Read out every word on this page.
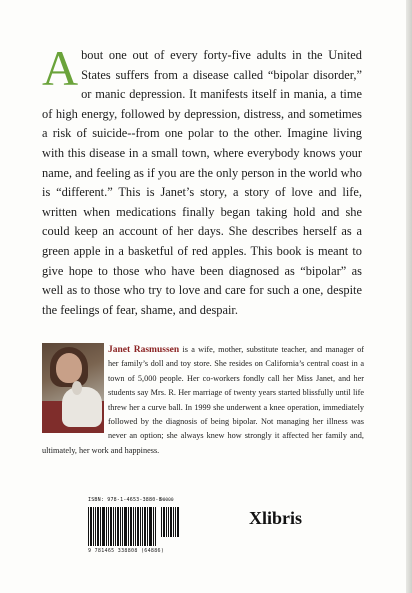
About one out of every forty-five adults in the United States suffers from a disease called “bipolar disorder,” or manic depression. It manifests itself in mania, a time of high energy, followed by depression, distress, and sometimes a risk of suicide--from one polar to the other. Imagine living with this disease in a small town, where everybody knows your name, and feeling as if you are the only person in the world who is “different.” This is Janet’s story, a story of love and life, written when medications finally began taking hold and she could keep an account of her days. She describes herself as a green apple in a basketful of red apples. This book is meant to give hope to those who have been diagnosed as “bipolar” as well as to those who try to love and care for such a one, despite the feelings of fear, shame, and despair.

Janet Rasmussen is a wife, mother, substitute teacher, and manager of her family’s doll and toy store. She resides on California’s central coast in a town of 5,000 people. Her co-workers fondly call her Miss Janet, and her students say Mrs. R. Her marriage of twenty years started blissfully until life threw her a curve ball. In 1999 she underwent a knee operation, immediately followed by the diagnosis of being bipolar. Not managing her illness was never an option; she always knew how strongly it affected her family and, ultimately, her work and happiness.

ISBN: 978-1-4653-3880-8
90000
9 781465 338808 (64886)
Xlibris
